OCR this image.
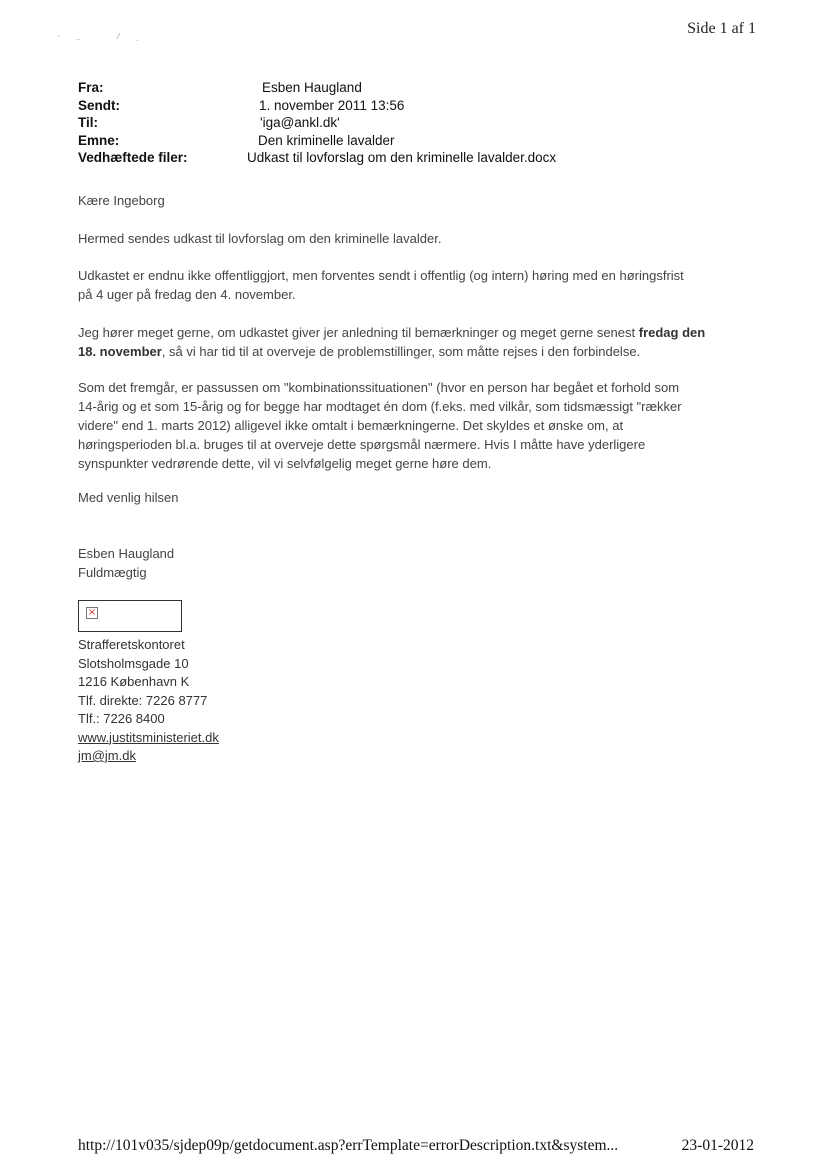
Side 1 af 1
' ⁻	⁄ ·
Fra:	Esben Haugland
Sendt:	1. november 2011 13:56
Til:	'iga@ankl.dk'
Emne:	Den kriminelle lavalder
Vedhæftede filer:	Udkast til lovforslag om den kriminelle lavalder.docx

Kære Ingeborg

Hermed sendes udkast til lovforslag om den kriminelle lavalder.

Udkastet er endnu ikke offentliggjort, men forventes sendt i offentlig (og intern) høring med en høringsfrist

på 4 uger på fredag den 4. november.

Jeg hører meget gerne, om udkastet giver jer anledning til bemærkninger og meget gerne senest fredag den

18. november, så vi har tid til at overveje de problemstillinger, som måtte rejses i den forbindelse.

Som det fremgår, er passussen om "kombinationssituationen" (hvor en person har begået et forhold som

14-årig og et som 15-årig og for begge har modtaget én dom (f.eks. med vilkår, som tidsmæssigt "rækker

videre" end 1. marts 2012) alligevel ikke omtalt i bemærkningerne. Det skyldes et ønske om, at

høringsperioden bl.a. bruges til at overveje dette spørgsmål nærmere. Hvis I måtte have yderligere

synspunkter vedrørende dette, vil vi selvfølgelig meget gerne høre dem.

Med venlig hilsen

Esben Haugland

Fuldmægtig

×
Strafferetskontoret
Slotsholmsgade 10
1216 København K
Tlf. direkte: 7226 8777
Tlf.: 7226 8400
www.justitsministeriet.dk
jm@jm.dk
http://101v035/sjdep09p/getdocument.asp?errTemplate=errorDescription.txt&system...	23-01-2012
